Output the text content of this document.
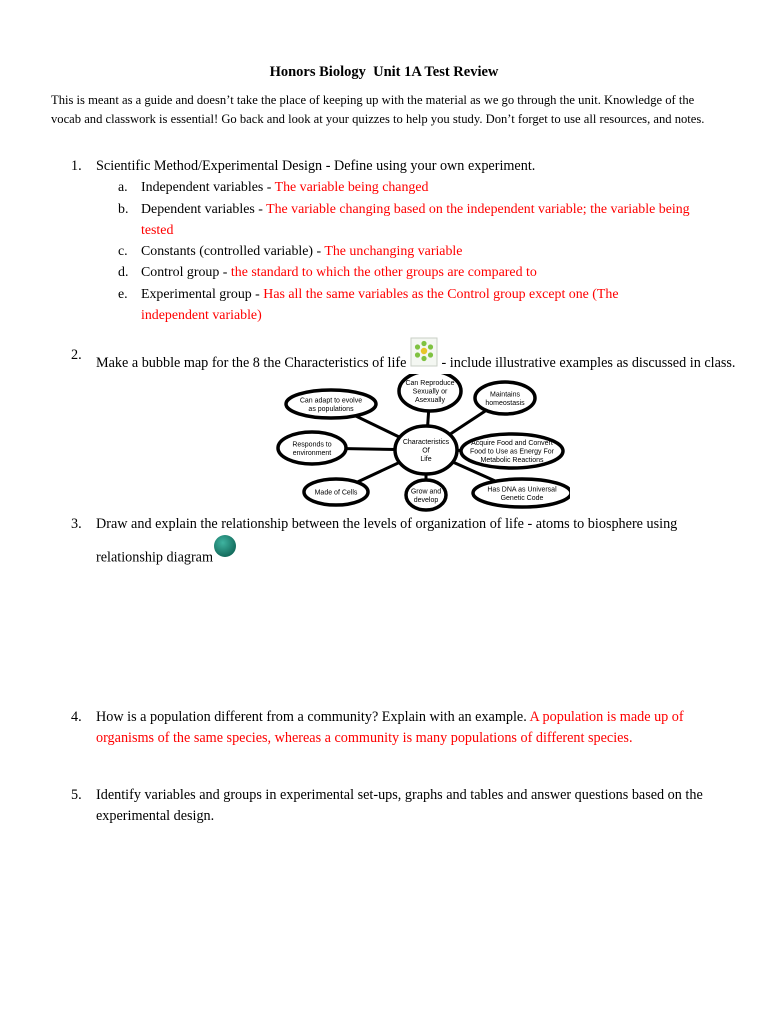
Honors Biology  Unit 1A Test Review
This is meant as a guide and doesn’t take the place of keeping up with the material as we go through the unit. Knowledge of the vocab and classwork is essential! Go back and look at your quizzes to help you study. Don’t forget to use all resources, and notes.
1. Scientific Method/Experimental Design - Define using your own experiment.
a. Independent variables - The variable being changed
b. Dependent variables - The variable changing based on the independent variable; the variable being tested
c. Constants (controlled variable) - The unchanging variable
d. Control group - the standard to which the other groups are compared to
e. Experimental group - Has all the same variables as the Control group except one (The independent variable)
2. Make a bubble map for the 8 the Characteristics of life  - include illustrative examples as discussed in class.
Can Reproduce
Sexually or
Asexually
Maintains
homeostasis
Acquire Food and Convert
Food to Use as Energy For
Metabolic Reactions
Has DNA as Universal
Genetic Code
Grow and
develop
Made of Cells
Responds to
environment
Can adapt to evolve
as populations
Characteristics
Of
Life
3. Draw and explain the relationship between the levels of organization of life - atoms to biosphere using relationship diagram
4. How is a population different from a community? Explain with an example. A population is made up of organisms of the same species, whereas a community is many populations of different species.
5. Identify variables and groups in experimental set-ups, graphs and tables and answer questions based on the experimental design.
